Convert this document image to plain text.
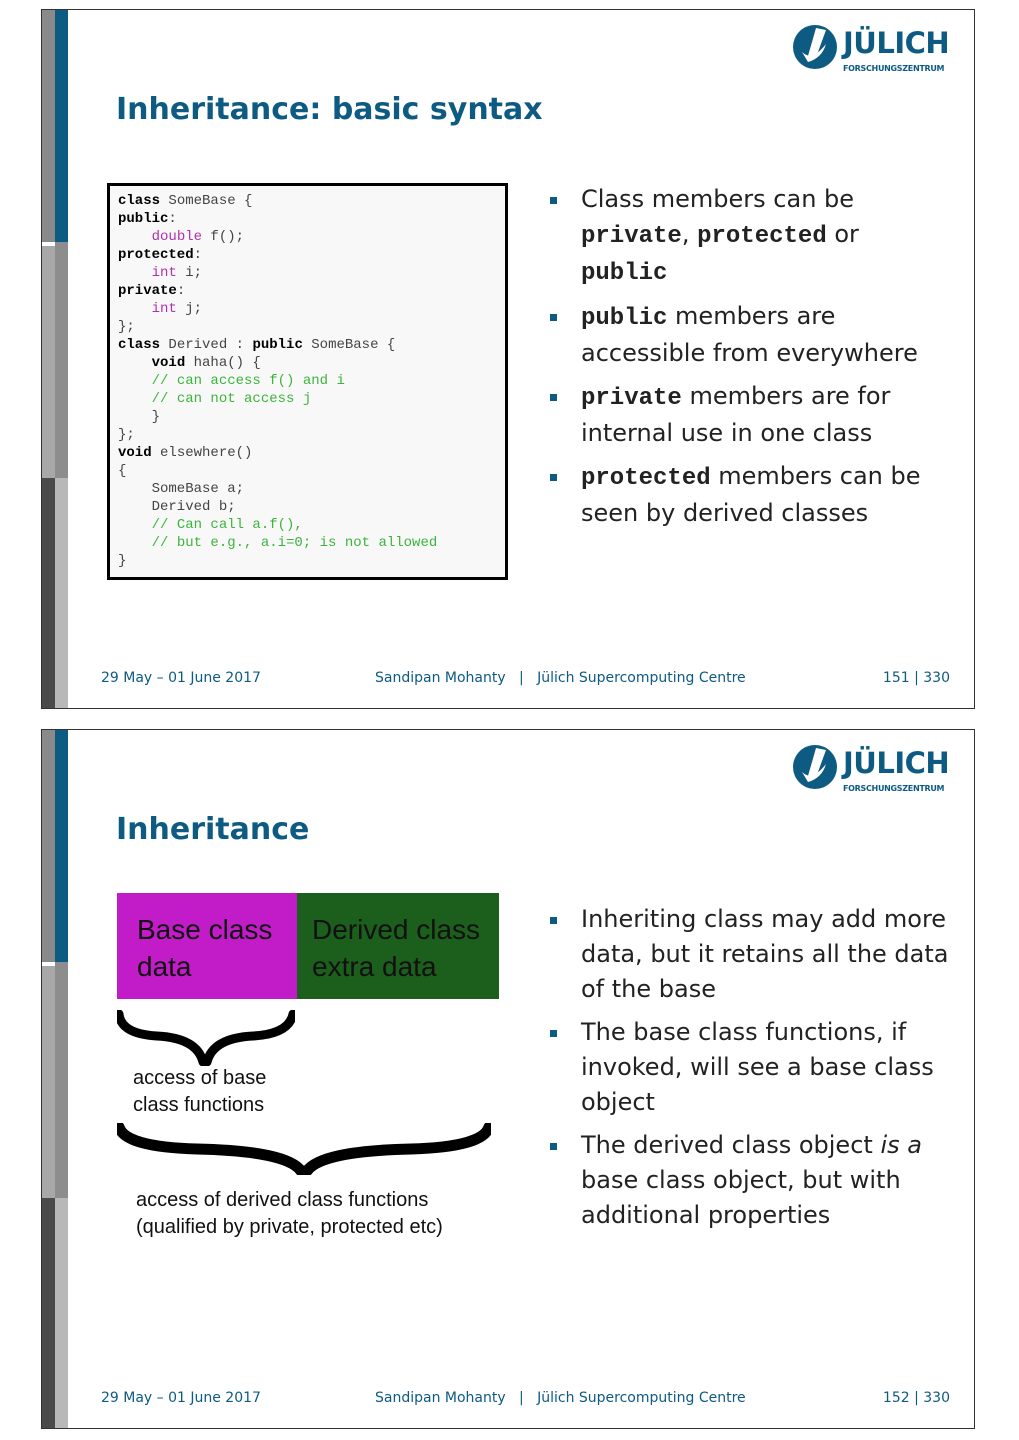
JÜLICH
FORSCHUNGSZENTRUM
Inheritance: basic syntax
class SomeBase {
public:
double f();
protected:
int i;
private:
int j;
};
class Derived : public SomeBase {
void haha() {
// can access f() and i
// can not access j
}
};
void elsewhere()
{
SomeBase a;
Derived b;
// Can call a.f(),
// but e.g., a.i=0; is not allowed
}
Class members can be private, protected or
public
public members are accessible from everywhere
private members are for internal use in one class
protected members can be seen by derived classes
29 May – 01 June 2017	Sandipan Mohanty | Jülich Supercomputing Centre	151 | 330
JÜLICH
FORSCHUNGSZENTRUM
Inheritance
Base class
data
Derived class
extra data
access of base
class functions
access of derived class functions
(qualified by private, protected etc)
Inheriting class may add more data, but it retains all the data of the base
The base class functions, if invoked, will see a base class object
The derived class object is a base class object, but with additional properties
29 May – 01 June 2017	Sandipan Mohanty | Jülich Supercomputing Centre	152 | 330
